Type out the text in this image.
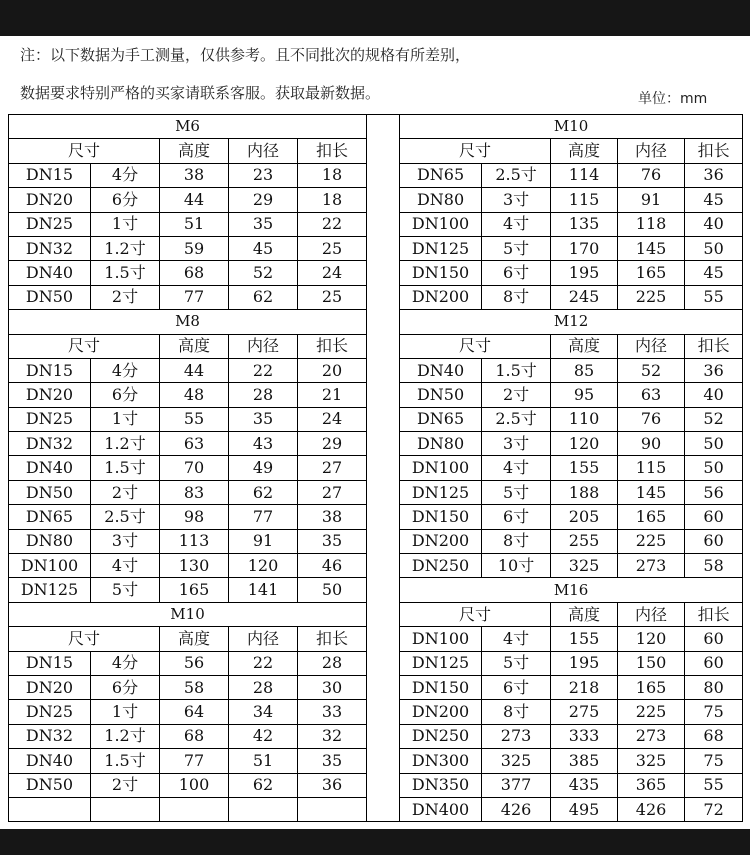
注：以下数据为手工测量，仅供参考。且不同批次的规格有所差别，
数据要求特别严格的买家请联系客服。获取最新数据。	单位：mm
M6						M10				
尺寸		高度	内径	扣长		尺寸		高度	内径	扣长
DN15	4分	38	23	18		DN65	2.5寸	114	76	36
DN20	6分	44	29	18		DN80	3寸	115	91	45
DN25	1寸	51	35	22		DN100	4寸	135	118	40
DN32	1.2寸	59	45	25		DN125	5寸	170	145	50
DN40	1.5寸	68	52	24		DN150	6寸	195	165	45
DN50	2寸	77	62	25		DN200	8寸	245	225	55
M8						M12				
尺寸		高度	内径	扣长		尺寸		高度	内径	扣长
DN15	4分	44	22	20		DN40	1.5寸	85	52	36
DN20	6分	48	28	21		DN50	2寸	95	63	40
DN25	1寸	55	35	24		DN65	2.5寸	110	76	52
DN32	1.2寸	63	43	29		DN80	3寸	120	90	50
DN40	1.5寸	70	49	27		DN100	4寸	155	115	50
DN50	2寸	83	62	27		DN125	5寸	188	145	56
DN65	2.5寸	98	77	38		DN150	6寸	205	165	60
DN80	3寸	113	91	35		DN200	8寸	255	225	60
DN100	4寸	130	120	46		DN250	10寸	325	273	58
DN125	5寸	165	141	50		M16				
M10						尺寸		高度	内径	扣长
尺寸		高度	内径	扣长		DN100	4寸	155	120	60
DN15	4分	56	22	28		DN125	5寸	195	150	60
DN20	6分	58	28	30		DN150	6寸	218	165	80
DN25	1寸	64	34	33		DN200	8寸	275	225	75
DN32	1.2寸	68	42	32		DN250	273	333	273	68
DN40	1.5寸	77	51	35		DN300	325	385	325	75
DN50	2寸	100	62	36		DN350	377	435	365	55
						DN400	426	495	426	72
